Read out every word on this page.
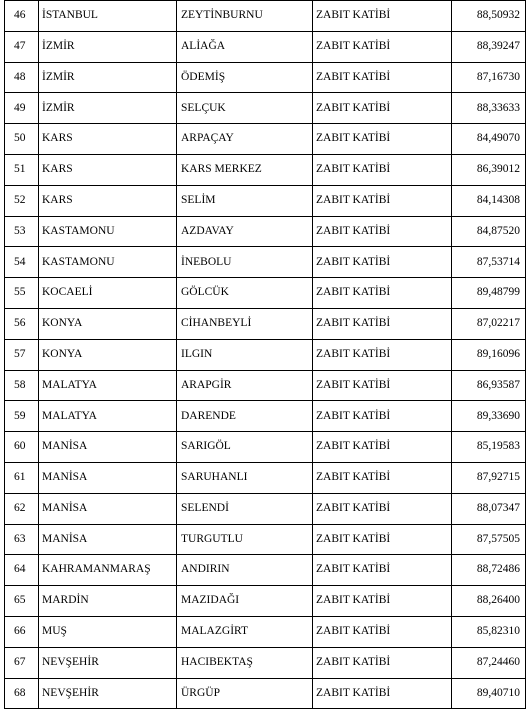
46	İSTANBUL	ZEYTİNBURNU	ZABIT KATİBİ	88,50932
47	İZMİR	ALİAĞA	ZABIT KATİBİ	88,39247
48	İZMİR	ÖDEMİŞ	ZABIT KATİBİ	87,16730
49	İZMİR	SELÇUK	ZABIT KATİBİ	88,33633
50	KARS	ARPAÇAY	ZABIT KATİBİ	84,49070
51	KARS	KARS MERKEZ	ZABIT KATİBİ	86,39012
52	KARS	SELİM	ZABIT KATİBİ	84,14308
53	KASTAMONU	AZDAVAY	ZABIT KATİBİ	84,87520
54	KASTAMONU	İNEBOLU	ZABIT KATİBİ	87,53714
55	KOCAELİ	GÖLCÜK	ZABIT KATİBİ	89,48799
56	KONYA	CİHANBEYLİ	ZABIT KATİBİ	87,02217
57	KONYA	ILGIN	ZABIT KATİBİ	89,16096
58	MALATYA	ARAPGİR	ZABIT KATİBİ	86,93587
59	MALATYA	DARENDE	ZABIT KATİBİ	89,33690
60	MANİSA	SARIGÖL	ZABIT KATİBİ	85,19583
61	MANİSA	SARUHANLI	ZABIT KATİBİ	87,92715
62	MANİSA	SELENDİ	ZABIT KATİBİ	88,07347
63	MANİSA	TURGUTLU	ZABIT KATİBİ	87,57505
64	KAHRAMANMARAŞ	ANDIRIN	ZABIT KATİBİ	88,72486
65	MARDİN	MAZIDAĞI	ZABIT KATİBİ	88,26400
66	MUŞ	MALAZGİRT	ZABIT KATİBİ	85,82310
67	NEVŞEHİR	HACIBEKTAŞ	ZABIT KATİBİ	87,24460
68	NEVŞEHİR	ÜRGÜP	ZABIT KATİBİ	89,40710
